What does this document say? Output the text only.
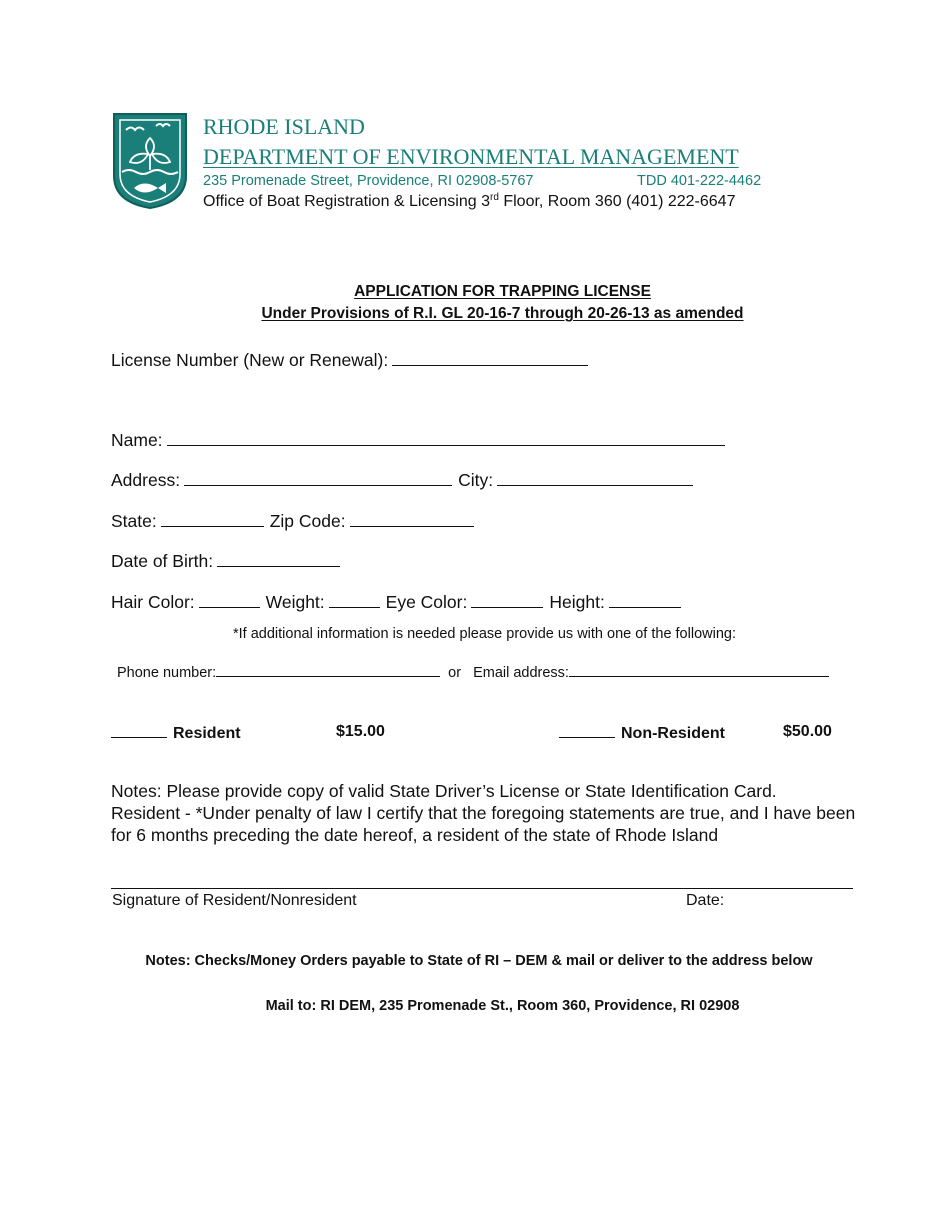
RHODE ISLAND
DEPARTMENT OF ENVIRONMENTAL MANAGEMENT
235 Promenade Street, Providence, RI 02908-5767	TDD 401-222-4462
Office of Boat Registration & Licensing 3rd Floor, Room 360 (401) 222-6647
APPLICATION FOR TRAPPING LICENSE
Under Provisions of R.I. GL 20-16-7 through 20-26-13 as amended
License Number (New or Renewal):
Name:
Address:	City:
State:	Zip Code:
Date of Birth:
Hair Color:	Weight:	Eye Color:	Height:
*If additional information is needed please provide us with one of the following:
Phone number:	or Email address:
Resident	$15.00	Non-Resident	$50.00
Notes: Please provide copy of valid State Driver’s License or State Identification Card.
Resident - *Under penalty of law I certify that the foregoing statements are true, and I have been for 6 months preceding the date hereof, a resident of the state of Rhode Island
Signature of Resident/Nonresident	Date:
Notes: Checks/Money Orders payable to State of RI – DEM & mail or deliver to the address below
Mail to: RI DEM, 235 Promenade St., Room 360, Providence, RI 02908
